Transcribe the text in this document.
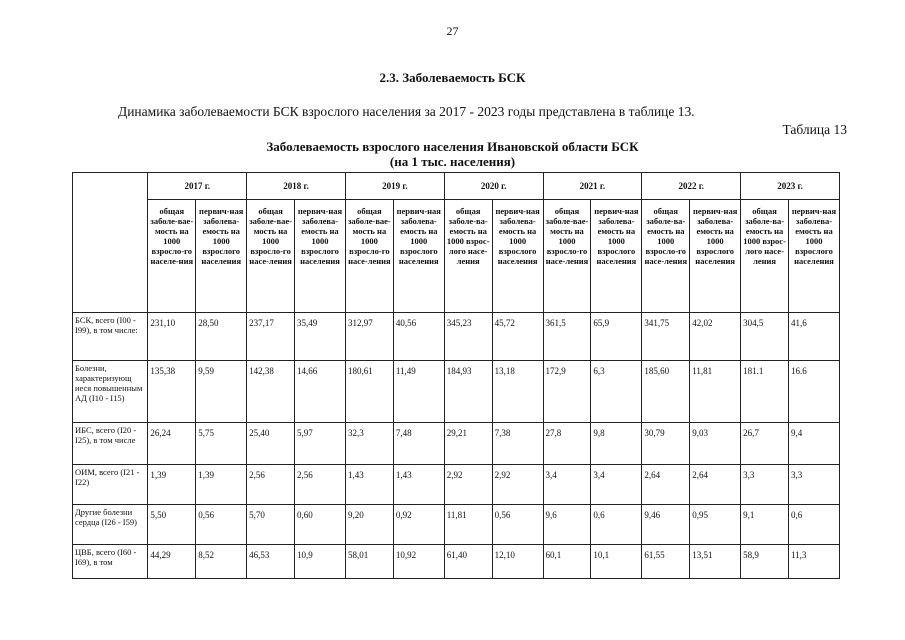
27
2.3. Заболеваемость БСК
Динамика заболеваемости БСК взрослого населения за 2017 - 2023 годы представлена в таблице 13.
Таблица 13
Заболеваемость взрослого населения Ивановской области БСК
(на 1 тыс. населения)
	2017 г.		2018 г.		2019 г.		2020 г.		2021 г.		2022 г.		2023 г.	
	общая заболе-вае-мость на 1000 взросло-го населе-ния	первич-ная заболева-емость на 1000 взрослого населения	общая заболе-вае-мость на 1000 взросло-го насе-ления	первич-ная заболева-емость на 1000 взрослого населения	общая заболе-вае-мость на 1000 взросло-го насе-ления	первич-ная заболева-емость на 1000 взрослого населения	общая заболе-ва-емость на 1000 взрос-лого насе-ления	первич-ная заболева-емость на 1000 взрослого населения	общая заболе-вае-мость на 1000 взросло-го насе-ления	первич-ная заболева-емость на 1000 взрослого населения	общая заболе-ва-емость на 1000 взросло-го насе-ления	первич-ная заболева-емость на 1000 взрослого населения	общая заболе-ва-емость на 1000 взрос-лого насе-ления	первич-ная заболева-емость на 1000 взрослого населения
БСК, всего (I00 - I99), в том числе:	231,10	28,50	237,17	35,49	312,97	40,56	345,23	45,72	361,5	65,9	341,75	42,02	304,5	41,6
Болезни, характеризующ иеся повышенным АД (I10 - I15)	135,38	9,59	142,38	14,66	180,61	11,49	184,93	13,18	172,9	6,3	185,60	11,81	181.1	16.6
ИБС, всего (I20 - I25), в том числе	26,24	5,75	25,40	5,97	32,3	7,48	29,21	7,38	27,8	9,8	30,79	9,03	26,7	9,4
ОИМ, всего (I21 - I22)	1,39	1,39	2,56	2,56	1,43	1,43	2,92	2,92	3,4	3,4	2,64	2,64	3,3	3,3
Другие болезни сердца (I26 - I59)	5,50	0,56	5,70	0,60	9,20	0,92	11,81	0,56	9,6	0,6	9,46	0,95	9,1	0,6
ЦВБ, всего (I60 - I69), в том	44,29	8,52	46,53	10,9	58,01	10,92	61,40	12,10	60,1	10,1	61,55	13,51	58,9	11,3
